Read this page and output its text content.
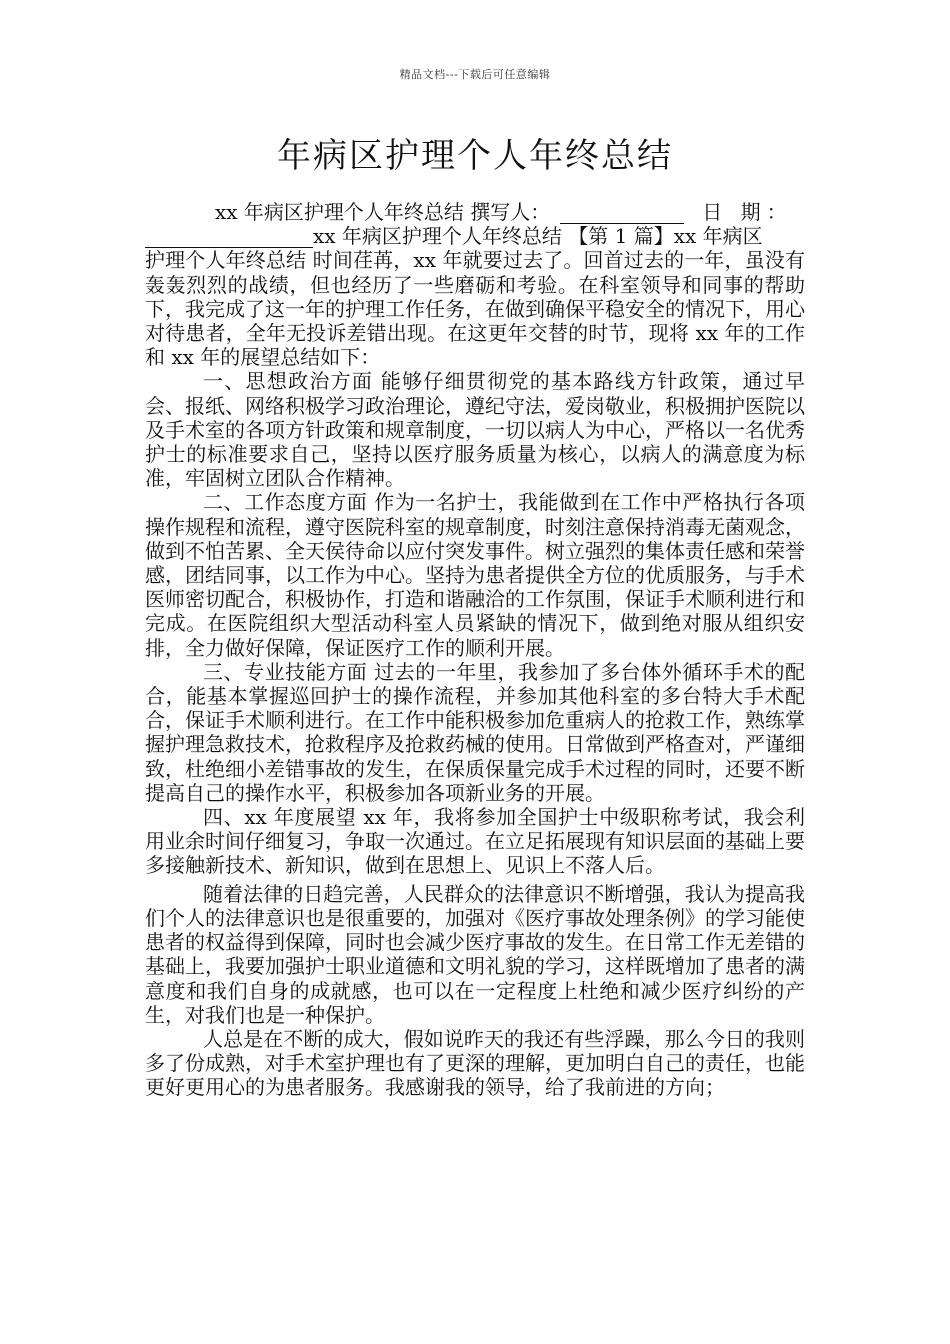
精品文档---下载后可任意编辑
年病区护理个人年终总结
xx 年病区护理个人年终总结 撰写人：	日 期：
xx 年病区护理个人年终总结 【第 1 篇】xx 年病区

护理个人年终总结 时间荏苒，xx 年就要过去了。回首过去的一年，虽没有轰轰烈烈的战绩，但也经历了一些磨砺和考验。在科室领导和同事的帮助下，我完成了这一年的护理工作任务，在做到确保平稳安全的情况下，用心对待患者，全年无投诉差错出现。在这更年交替的时节，现将 xx 年的工作和 xx 年的展望总结如下：

一、思想政治方面 能够仔细贯彻党的基本路线方针政策，通过早会、报纸、网络积极学习政治理论，遵纪守法，爱岗敬业，积极拥护医院以及手术室的各项方针政策和规章制度，一切以病人为中心，严格以一名优秀护士的标准要求自己，坚持以医疗服务质量为核心，以病人的满意度为标准，牢固树立团队合作精神。

二、工作态度方面 作为一名护士，我能做到在工作中严格执行各项操作规程和流程，遵守医院科室的规章制度，时刻注意保持消毒无菌观念，做到不怕苦累、全天侯待命以应付突发事件。树立强烈的集体责任感和荣誉感，团结同事，以工作为中心。坚持为患者提供全方位的优质服务，与手术医师密切配合，积极协作，打造和谐融洽的工作氛围，保证手术顺利进行和完成。在医院组织大型活动科室人员紧缺的情况下，做到绝对服从组织安排，全力做好保障，保证医疗工作的顺利开展。

三、专业技能方面 过去的一年里，我参加了多台体外循环手术的配合，能基本掌握巡回护士的操作流程，并参加其他科室的多台特大手术配合，保证手术顺利进行。在工作中能积极参加危重病人的抢救工作，熟练掌握护理急救技术，抢救程序及抢救药械的使用。日常做到严格查对，严谨细致，杜绝细小差错事故的发生，在保质保量完成手术过程的同时，还要不断提高自己的操作水平，积极参加各项新业务的开展。

四、xx 年度展望 xx 年，我将参加全国护士中级职称考试，我会利用业余时间仔细复习，争取一次通过。在立足拓展现有知识层面的基础上要多接触新技术、新知识，做到在思想上、见识上不落人后。

随着法律的日趋完善，人民群众的法律意识不断增强，我认为提高我们个人的法律意识也是很重要的，加强对《医疗事故处理条例》的学习能使患者的权益得到保障，同时也会减少医疗事故的发生。在日常工作无差错的基础上，我要加强护士职业道德和文明礼貌的学习，这样既增加了患者的满意度和我们自身的成就感，也可以在一定程度上杜绝和减少医疗纠纷的产生，对我们也是一种保护。

人总是在不断的成大，假如说昨天的我还有些浮躁，那么今日的我则多了份成熟，对手术室护理也有了更深的理解，更加明白自己的责任，也能更好更用心的为患者服务。我感谢我的领导，给了我前进的方向；
